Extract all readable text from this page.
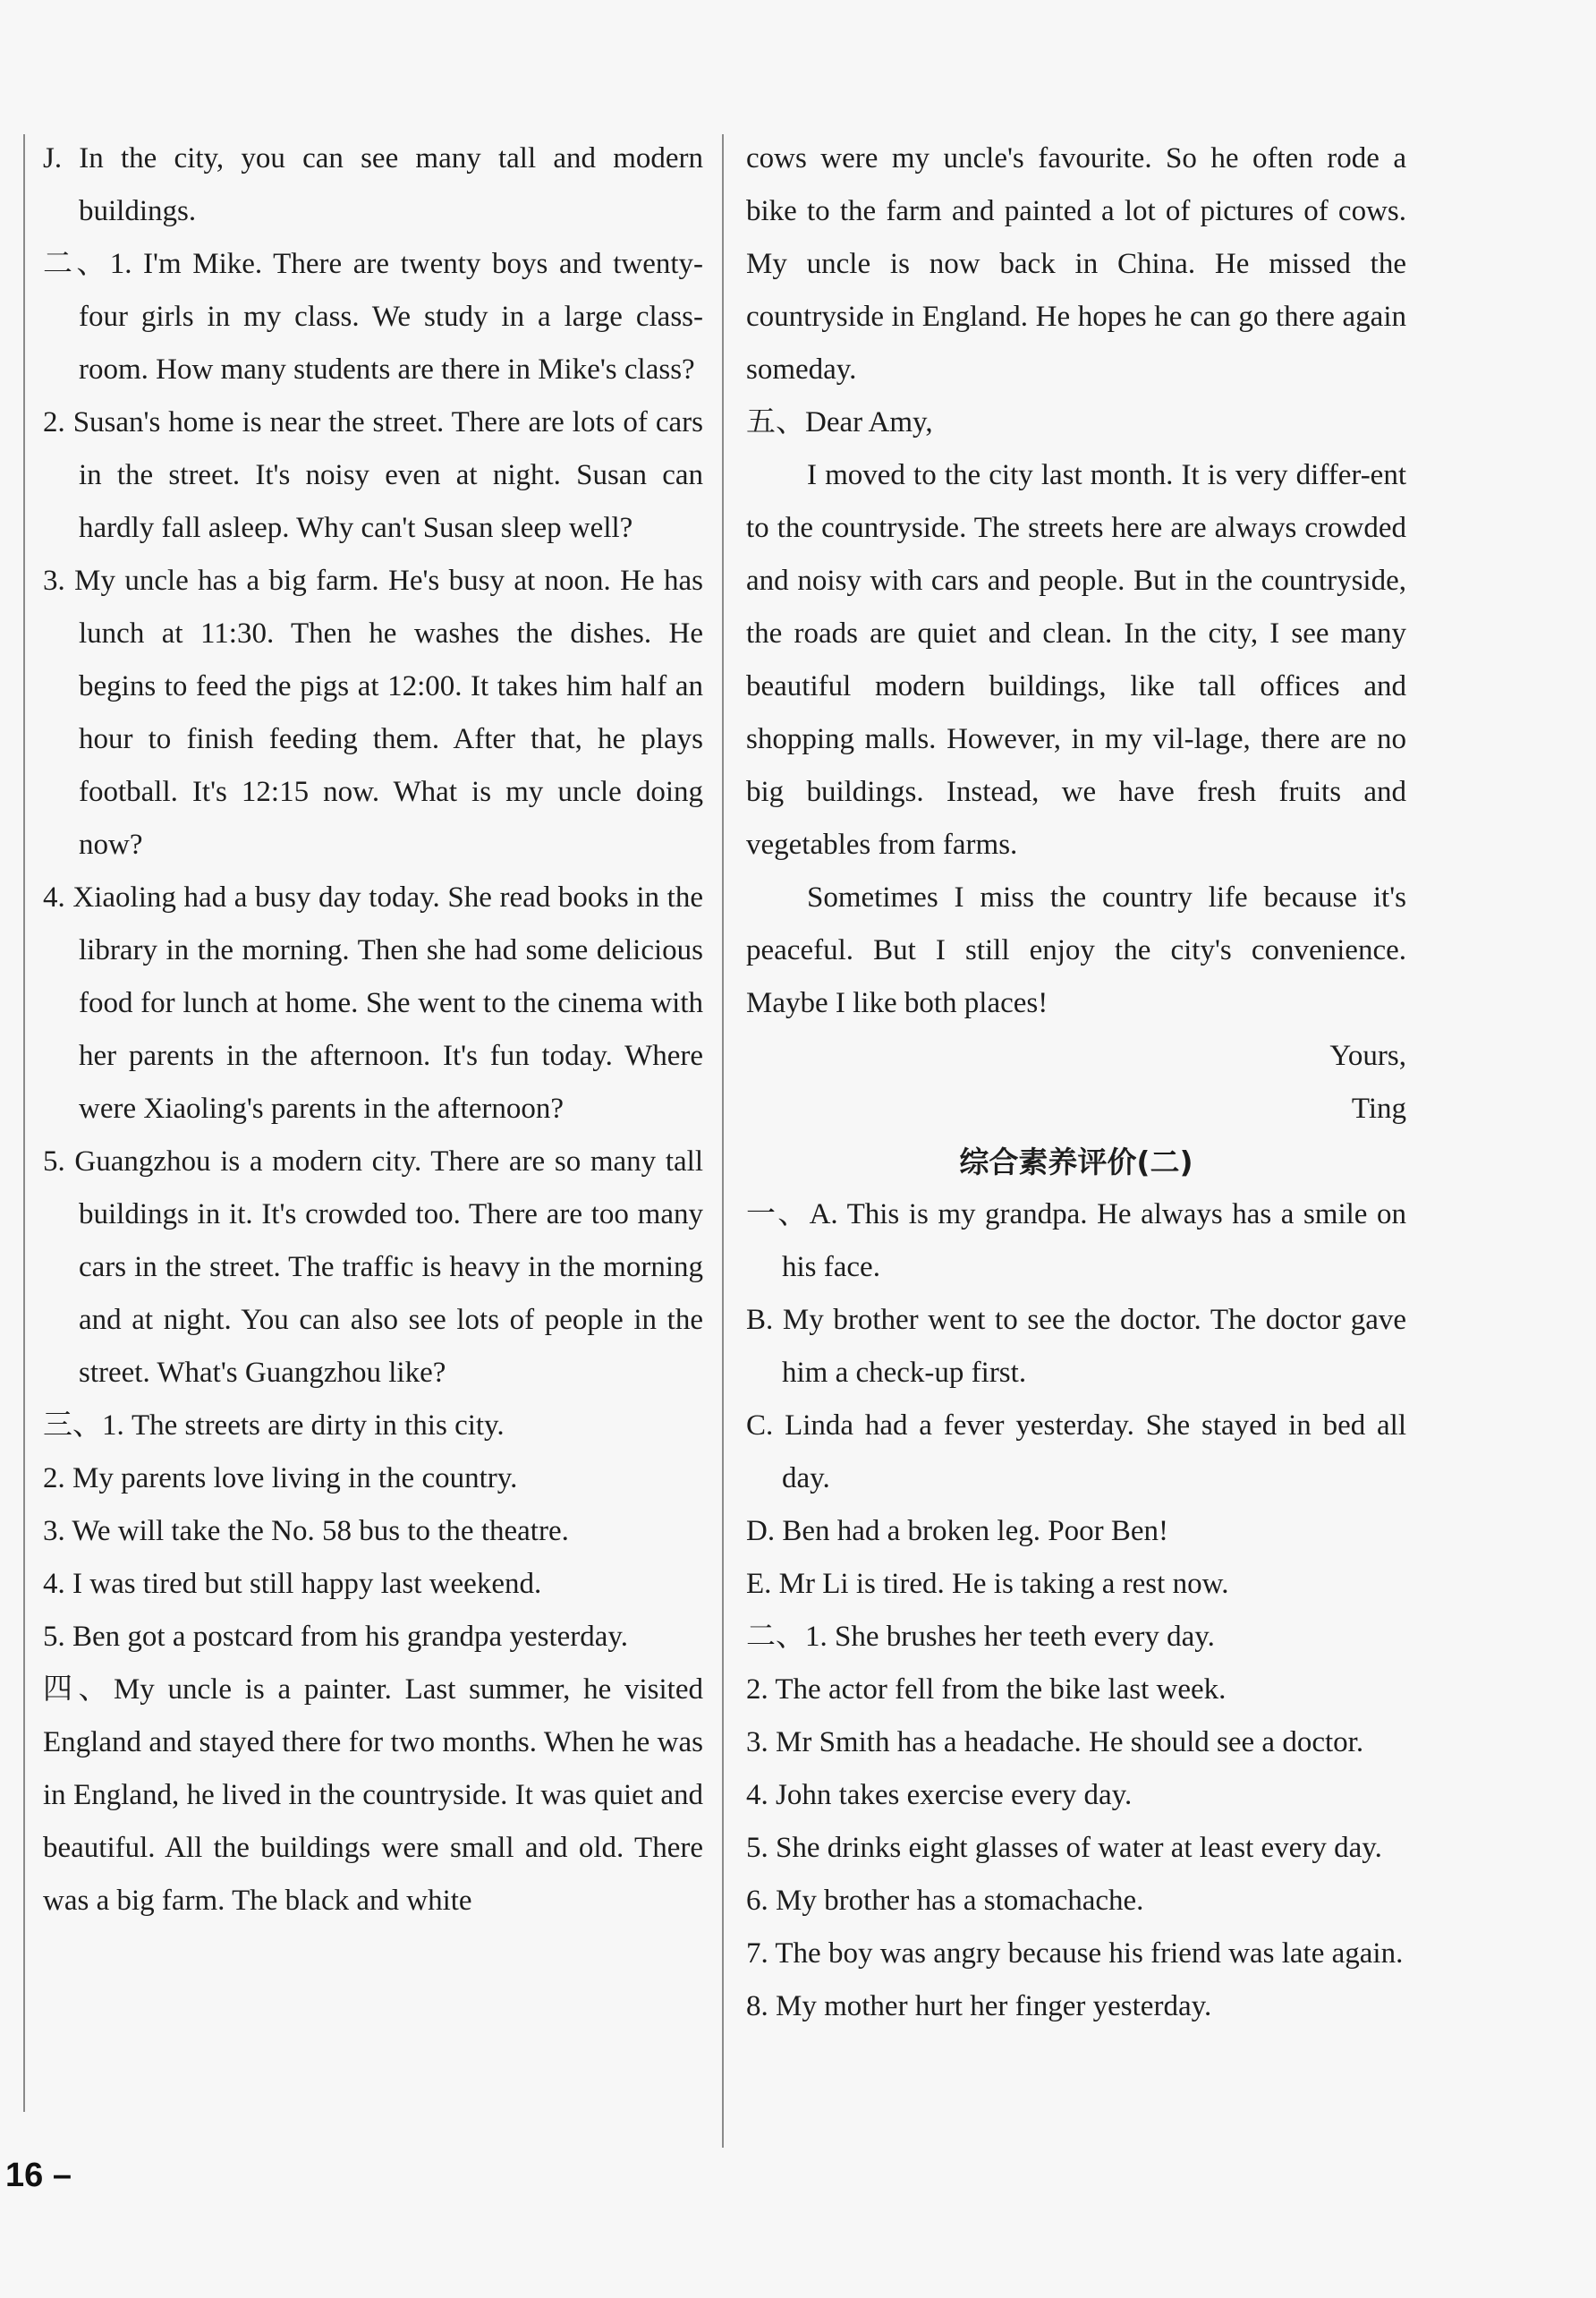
J. In the city, you can see many tall and modern buildings.

二、1. I'm Mike. There are twenty boys and twenty-four girls in my class. We study in a large class-room. How many students are there in Mike's class?

2. Susan's home is near the street. There are lots of cars in the street. It's noisy even at night. Susan can hardly fall asleep. Why can't Susan sleep well?

3. My uncle has a big farm. He's busy at noon. He has lunch at 11:30. Then he washes the dishes. He begins to feed the pigs at 12:00. It takes him half an hour to finish feeding them. After that, he plays football. It's 12:15 now. What is my uncle doing now?

4. Xiaoling had a busy day today. She read books in the library in the morning. Then she had some delicious food for lunch at home. She went to the cinema with her parents in the afternoon. It's fun today. Where were Xiaoling's parents in the afternoon?

5. Guangzhou is a modern city. There are so many tall buildings in it. It's crowded too. There are too many cars in the street. The traffic is heavy in the morning and at night. You can also see lots of people in the street. What's Guangzhou like?

三、1. The streets are dirty in this city.

2. My parents love living in the country.

3. We will take the No. 58 bus to the theatre.

4. I was tired but still happy last weekend.

5. Ben got a postcard from his grandpa yesterday.

四、My uncle is a painter. Last summer, he visited England and stayed there for two months. When he was in England, he lived in the countryside. It was quiet and beautiful. All the buildings were small and old. There was a big farm. The black and white

cows were my uncle's favourite. So he often rode a bike to the farm and painted a lot of pictures of cows. My uncle is now back in China. He missed the countryside in England. He hopes he can go there again someday.

五、Dear Amy,

I moved to the city last month. It is very differ-ent to the countryside. The streets here are always crowded and noisy with cars and people. But in the countryside, the roads are quiet and clean. In the city, I see many beautiful modern buildings, like tall offices and shopping malls. However, in my vil-lage, there are no big buildings. Instead, we have fresh fruits and vegetables from farms.

Sometimes I miss the country life because it's peaceful. But I still enjoy the city's convenience. Maybe I like both places!

Yours,

Ting

综合素养评价(二)

一、A. This is my grandpa. He always has a smile on his face.

B. My brother went to see the doctor. The doctor gave him a check-up first.

C. Linda had a fever yesterday. She stayed in bed all day.

D. Ben had a broken leg. Poor Ben!

E. Mr Li is tired. He is taking a rest now.

二、1. She brushes her teeth every day.

2. The actor fell from the bike last week.

3. Mr Smith has a headache. He should see a doctor.

4. John takes exercise every day.

5. She drinks eight glasses of water at least every day.

6. My brother has a stomachache.

7. The boy was angry because his friend was late again.

8. My mother hurt her finger yesterday.

16 –
